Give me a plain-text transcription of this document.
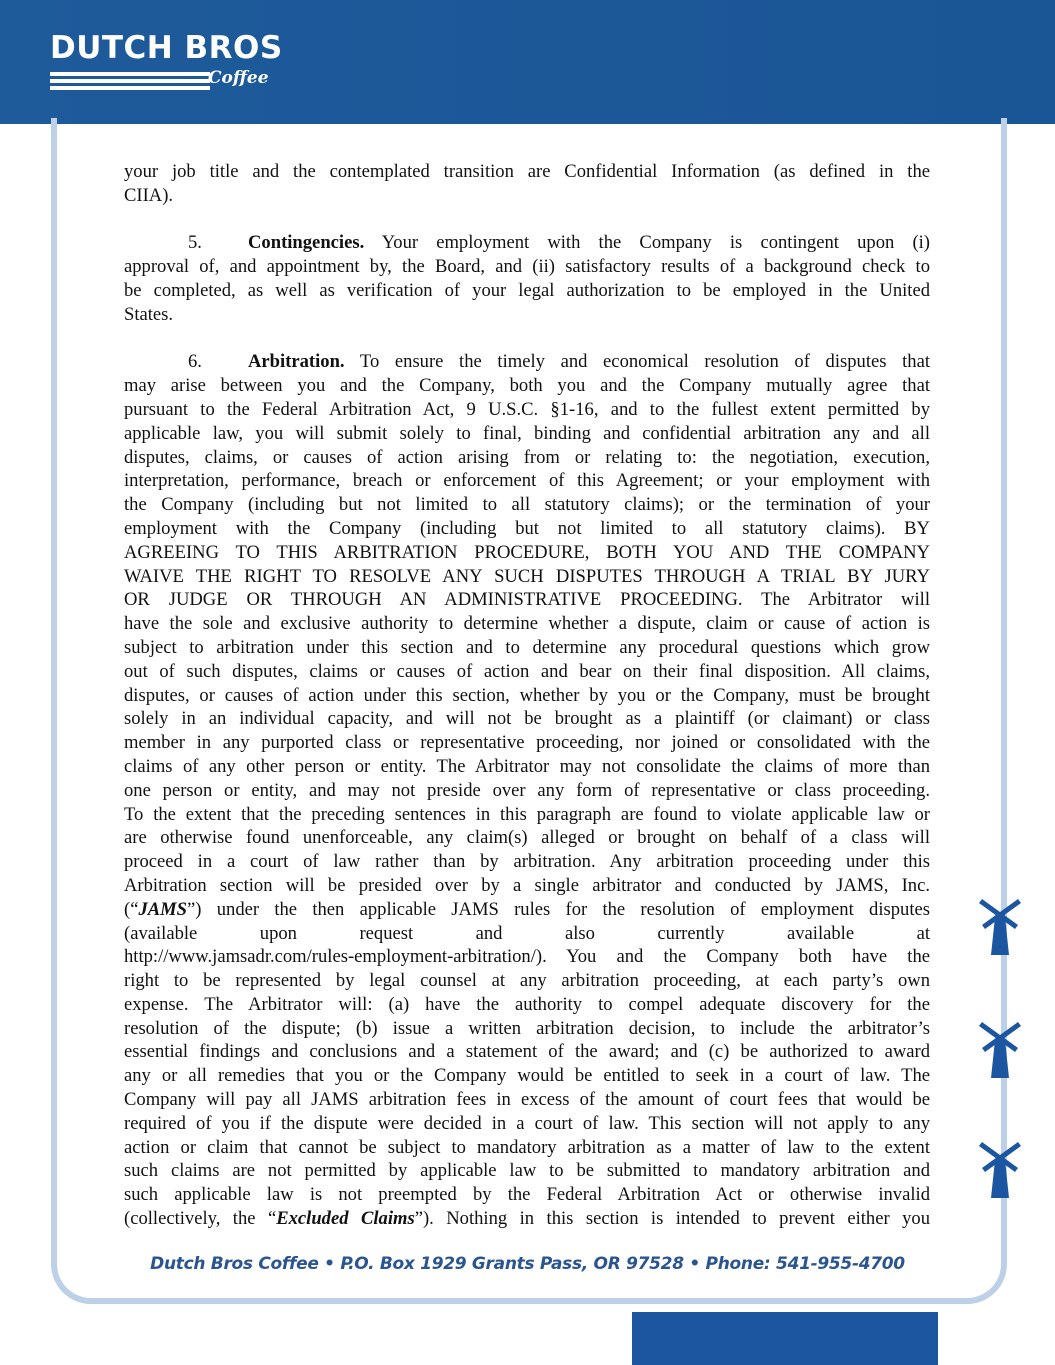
DUTCH BROS
Coffee
your job title and the contemplated transition are Confidential Information (as defined in the
CIIA).
5. Contingencies. Your employment with the Company is contingent upon (i)
approval of, and appointment by, the Board, and (ii) satisfactory results of a background check to
be completed, as well as verification of your legal authorization to be employed in the United
States.
6. Arbitration. To ensure the timely and economical resolution of disputes that
may arise between you and the Company, both you and the Company mutually agree that
pursuant to the Federal Arbitration Act, 9 U.S.C. §1-16, and to the fullest extent permitted by
applicable law, you will submit solely to final, binding and confidential arbitration any and all
disputes, claims, or causes of action arising from or relating to: the negotiation, execution,
interpretation, performance, breach or enforcement of this Agreement; or your employment with
the Company (including but not limited to all statutory claims); or the termination of your
employment with the Company (including but not limited to all statutory claims). BY
AGREEING TO THIS ARBITRATION PROCEDURE, BOTH YOU AND THE COMPANY
WAIVE THE RIGHT TO RESOLVE ANY SUCH DISPUTES THROUGH A TRIAL BY JURY
OR JUDGE OR THROUGH AN ADMINISTRATIVE PROCEEDING. The Arbitrator will
have the sole and exclusive authority to determine whether a dispute, claim or cause of action is
subject to arbitration under this section and to determine any procedural questions which grow
out of such disputes, claims or causes of action and bear on their final disposition. All claims,
disputes, or causes of action under this section, whether by you or the Company, must be brought
solely in an individual capacity, and will not be brought as a plaintiff (or claimant) or class
member in any purported class or representative proceeding, nor joined or consolidated with the
claims of any other person or entity. The Arbitrator may not consolidate the claims of more than
one person or entity, and may not preside over any form of representative or class proceeding.
To the extent that the preceding sentences in this paragraph are found to violate applicable law or
are otherwise found unenforceable, any claim(s) alleged or brought on behalf of a class will
proceed in a court of law rather than by arbitration. Any arbitration proceeding under this
Arbitration section will be presided over by a single arbitrator and conducted by JAMS, Inc.
(“JAMS”) under the then applicable JAMS rules for the resolution of employment disputes
(available upon request and also currently available at
http://www.jamsadr.com/rules-employment-arbitration/). You and the Company both have the
right to be represented by legal counsel at any arbitration proceeding, at each party’s own
expense. The Arbitrator will: (a) have the authority to compel adequate discovery for the
resolution of the dispute; (b) issue a written arbitration decision, to include the arbitrator’s
essential findings and conclusions and a statement of the award; and (c) be authorized to award
any or all remedies that you or the Company would be entitled to seek in a court of law. The
Company will pay all JAMS arbitration fees in excess of the amount of court fees that would be
required of you if the dispute were decided in a court of law. This section will not apply to any
action or claim that cannot be subject to mandatory arbitration as a matter of law to the extent
such claims are not permitted by applicable law to be submitted to mandatory arbitration and
such applicable law is not preempted by the Federal Arbitration Act or otherwise invalid
(collectively, the “Excluded Claims”). Nothing in this section is intended to prevent either you
Dutch Bros Coffee • P.O. Box 1929 Grants Pass, OR 97528 • Phone: 541-955-4700
